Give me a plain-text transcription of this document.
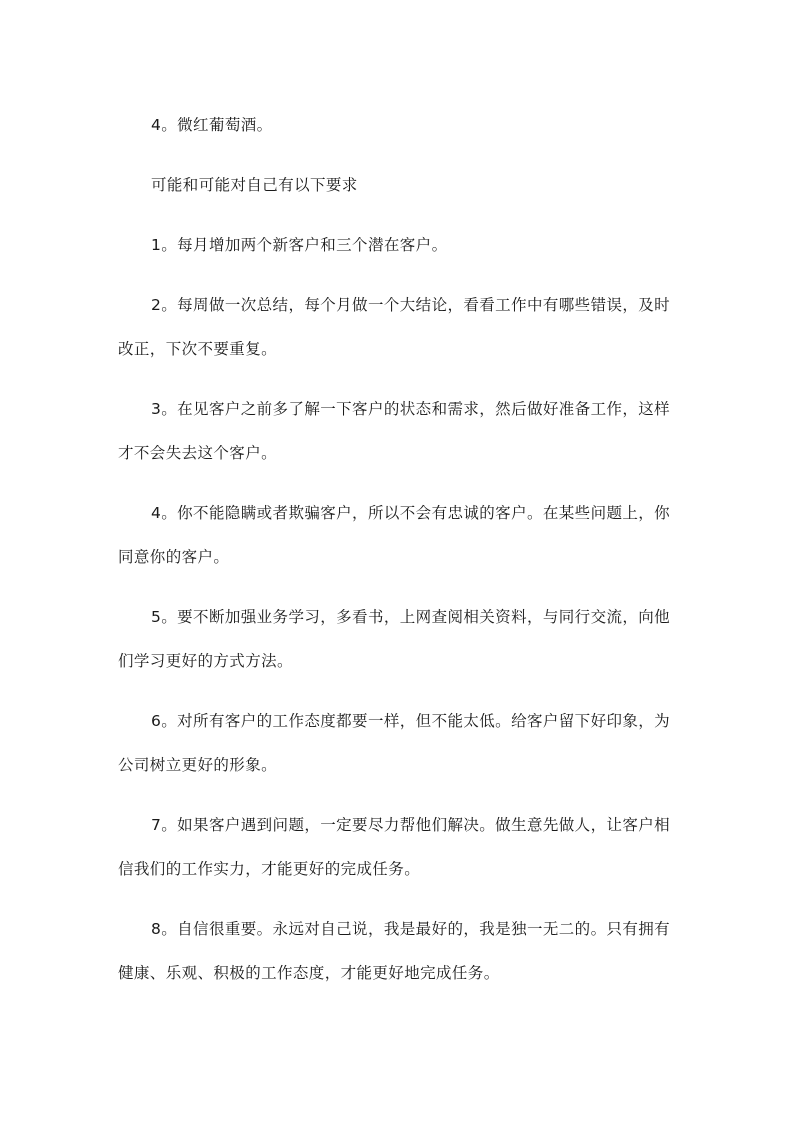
4。微红葡萄酒。

可能和可能对自己有以下要求

1。每月增加两个新客户和三个潜在客户。

2。每周做一次总结，每个月做一个大结论，看看工作中有哪些错误，及时改正，下次不要重复。

3。在见客户之前多了解一下客户的状态和需求，然后做好准备工作，这样才不会失去这个客户。

4。你不能隐瞒或者欺骗客户，所以不会有忠诚的客户。在某些问题上，你同意你的客户。

5。要不断加强业务学习，多看书，上网查阅相关资料，与同行交流，向他们学习更好的方式方法。

6。对所有客户的工作态度都要一样，但不能太低。给客户留下好印象，为公司树立更好的形象。

7。如果客户遇到问题，一定要尽力帮他们解决。做生意先做人，让客户相信我们的工作实力，才能更好的完成任务。

8。自信很重要。永远对自己说，我是最好的，我是独一无二的。只有拥有健康、乐观、积极的工作态度，才能更好地完成任务。
